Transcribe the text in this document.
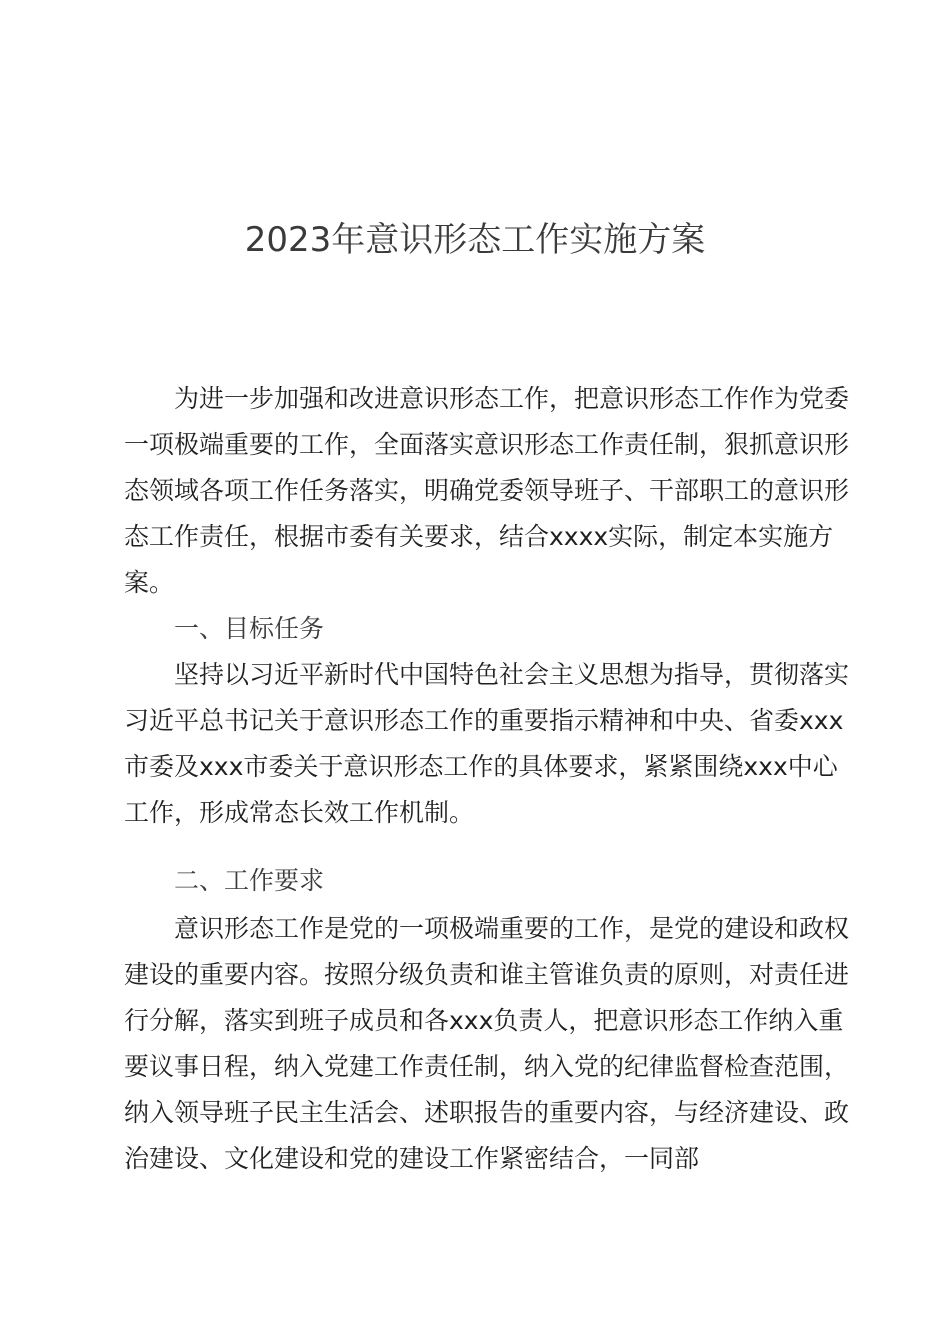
2023年意识形态工作实施方案

为进一步加强和改进意识形态工作，把意识形态工作作为党委一项极端重要的工作，全面落实意识形态工作责任制，狠抓意识形态领域各项工作任务落实，明确党委领导班子、干部职工的意识形态工作责任，根据市委有关要求，结合xxxx实际，制定本实施方案。

一、目标任务

坚持以习近平新时代中国特色社会主义思想为指导，贯彻落实习近平总书记关于意识形态工作的重要指示精神和中央、省委xxx市委及xxx市委关于意识形态工作的具体要求，紧紧围绕xxx中心工作，形成常态长效工作机制。

二、工作要求

意识形态工作是党的一项极端重要的工作，是党的建设和政权建设的重要内容。按照分级负责和谁主管谁负责的原则，对责任进行分解，落实到班子成员和各xxx负责人，把意识形态工作纳入重要议事日程，纳入党建工作责任制，纳入党的纪律监督检查范围，纳入领导班子民主生活会、述职报告的重要内容，与经济建设、政治建设、文化建设和党的建设工作紧密结合，一同部
